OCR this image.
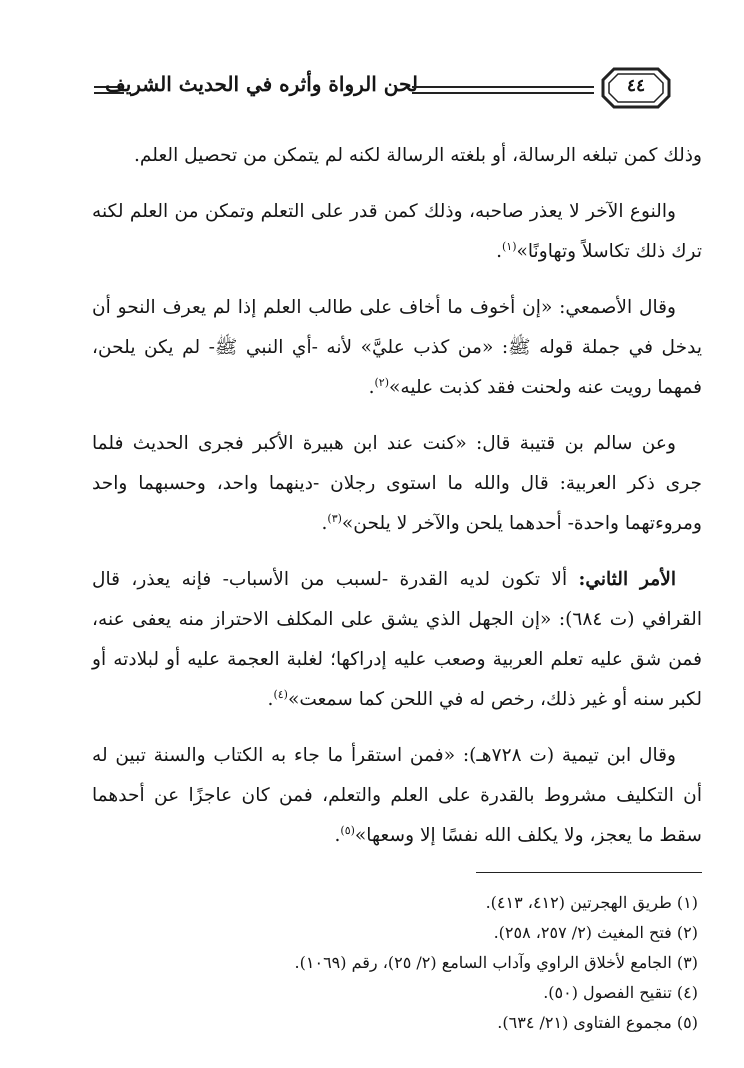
لحن الرواة وأثره في الحديث الشريف	٤٤

وذلك كمن تبلغه الرسالة، أو بلغته الرسالة لكنه لم يتمكن من تحصيل العلم.

والنوع الآخر لا يعذر صاحبه، وذلك كمن قدر على التعلم وتمكن من العلم لكنه ترك ذلك تكاسلاً وتهاونًا»$^{(١)}$.

وقال الأصمعي: «إن أخوف ما أخاف على طالب العلم إذا لم يعرف النحو أن يدخل في جملة قوله ﷺ: «من كذب عليَّ» لأنه -أي النبي ﷺ- لم يكن يلحن، فمهما رويت عنه ولحنت فقد كذبت عليه»$^{(٢)}$.

وعن سالم بن قتيبة قال: «كنت عند ابن هبيرة الأكبر فجرى الحديث فلما جرى ذكر العربية: قال والله ما استوى رجلان -دينهما واحد، وحسبهما واحد ومروءتهما واحدة- أحدهما يلحن والآخر لا يلحن»$^{(٣)}$.

الأمر الثاني: ألا تكون لديه القدرة -لسبب من الأسباب- فإنه يعذر، قال القرافي (ت ٦٨٤): «إن الجهل الذي يشق على المكلف الاحتراز منه يعفى عنه، فمن شق عليه تعلم العربية وصعب عليه إدراكها؛ لغلبة العجمة عليه أو لبلادته أو لكبر سنه أو غير ذلك، رخص له في اللحن كما سمعت»$^{(٤)}$.

وقال ابن تيمية (ت ٧٢٨هـ): «فمن استقرأ ما جاء به الكتاب والسنة تبين له أن التكليف مشروط بالقدرة على العلم والتعلم، فمن كان عاجزًا عن أحدهما سقط ما يعجز، ولا يكلف الله نفسًا إلا وسعها»$^{(٥)}$.

(١) طريق الهجرتين (٤١٢، ٤١٣).

(٢) فتح المغيث (٢/ ٢٥٧، ٢٥٨).

(٣) الجامع لأخلاق الراوي وآداب السامع (٢/ ٢٥)، رقم (١٠٦٩).

(٤) تنقيح الفصول (٥٠).

(٥) مجموع الفتاوى (٢١/ ٦٣٤).
